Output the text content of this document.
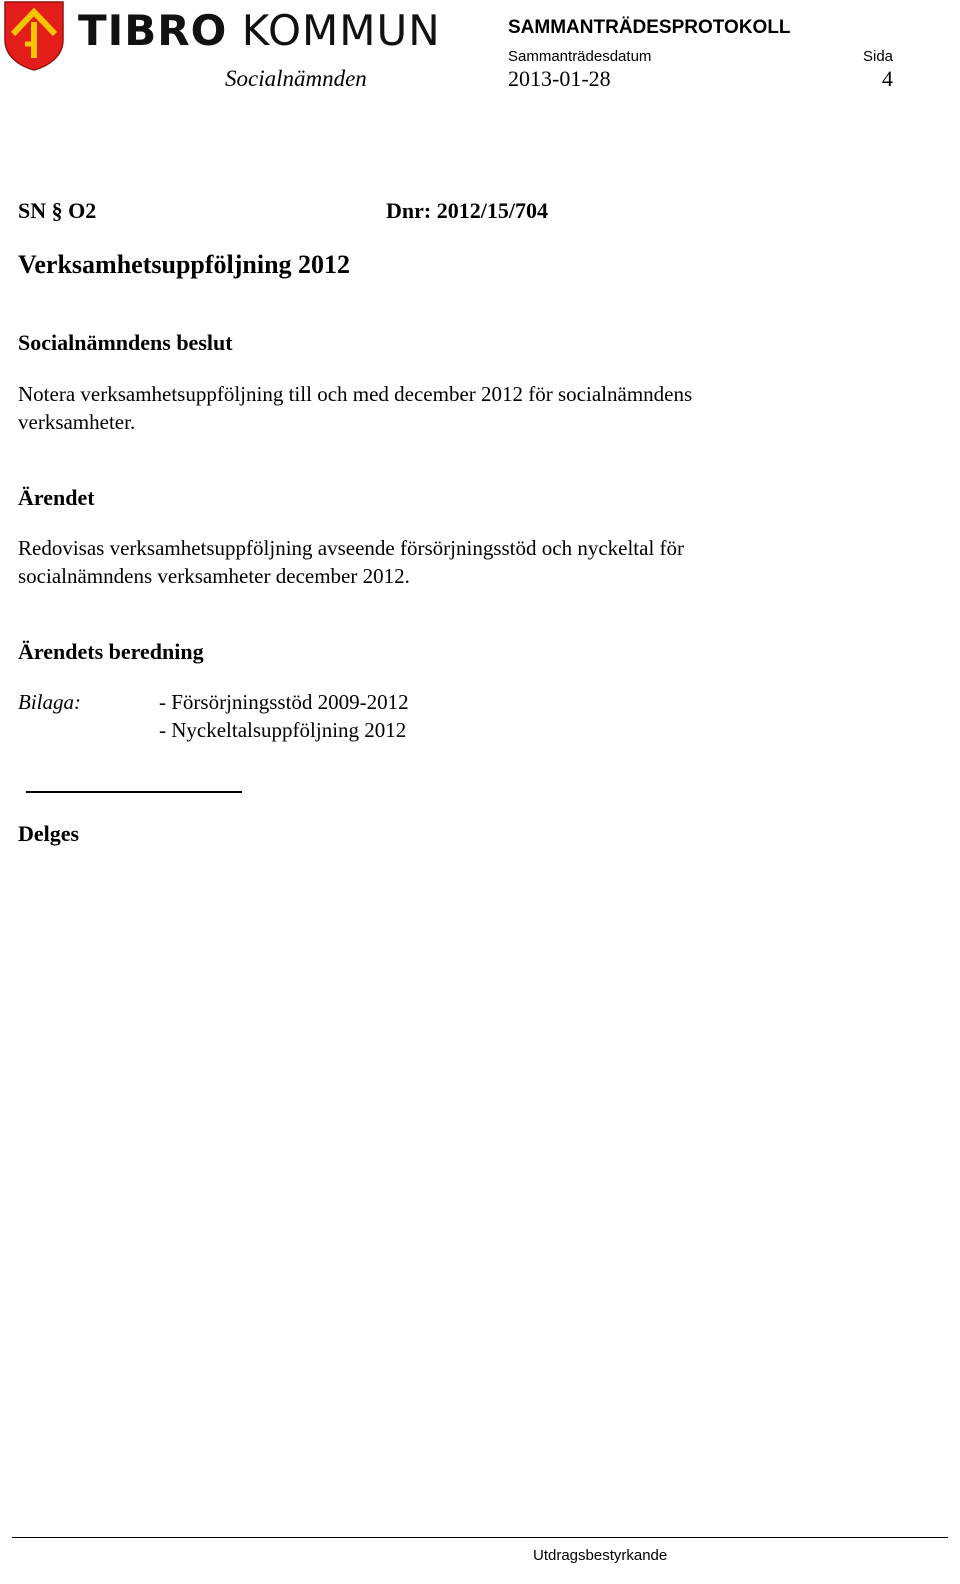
TIBRO KOMMUN	SAMMANTRÄDESPROTOKOLL
Sammanträdesdatum	Sida
Socialnämnden	2013-01-28	4
SN § O2	Dnr: 2012/15/704
Verksamhetsuppföljning 2012
Socialnämndens beslut
Notera verksamhetsuppföljning till och med december 2012 för socialnämndens
verksamheter.
Ärendet
Redovisas verksamhetsuppföljning avseende försörjningsstöd och nyckeltal för
socialnämndens verksamheter december 2012.
Ärendets beredning
Bilaga:	- Försörjningsstöd 2009-2012
- Nyckeltalsuppföljning 2012
Delges
Utdragsbestyrkande
